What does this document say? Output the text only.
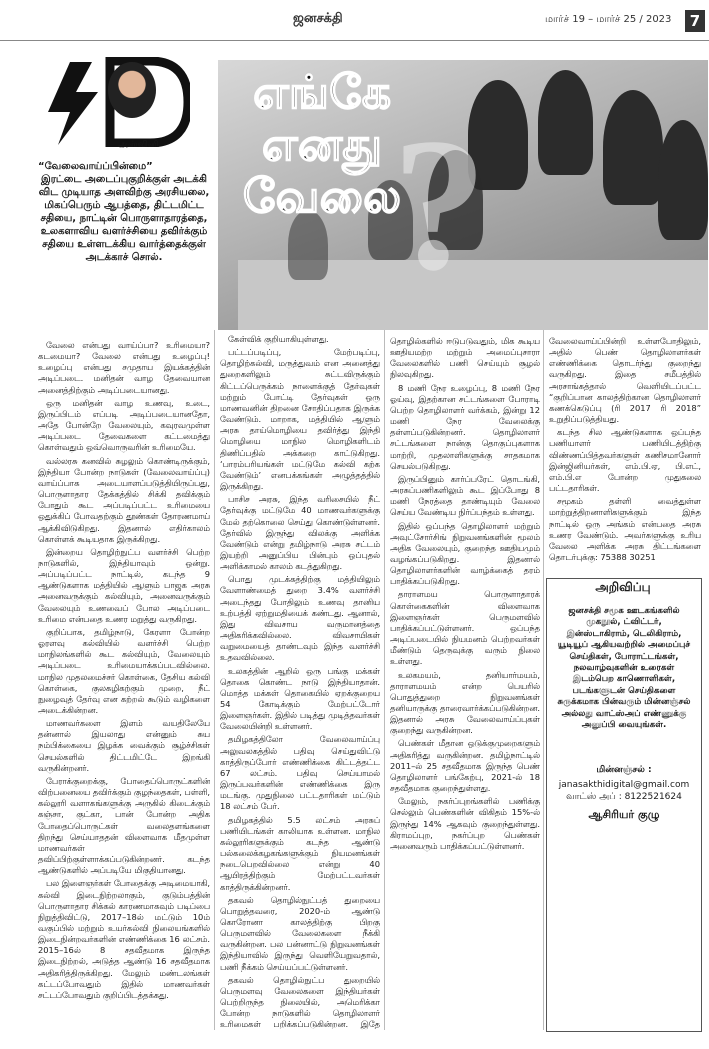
ஜனசக்தி	மார்ச் 19 – மார்ச் 25 / 2023	7
அஸ்வினி

“வேலைவாய்ப்பின்மை”

இரட்டை அடைப்புகுறிக்குள் அடக்கி விட முடியாத அளவிற்கு அரசியலை, மிகப்பெரும் ஆபத்தை, திட்டமிட்ட சதியை, நாட்டின் பொருளாதாரத்தை, உலகளாவிய வளர்ச்சியை தவிர்க்கும் சதியை உள்ளடக்கிய வார்த்தைக்குள் அடக்காச் சொல். ?
எங்கே
எனது
வேலை

வேலை என்பது வாய்ப்பா? உரிமையா? கடமையா? வேலை என்பது உழைப்பு! உழைப்பு என்பது சமுதாய இயக்கத்தின் அடிப்படை. மனிதன் வாழ தேவையான அனைத்திற்கும் அடிப்படையானது.

ஒரு மனிதன் வாழ உணவு, உடை, இருப்பிடம் எப்படி அடிப்படையானதோ, அதே போன்றே வேலையும், கவுரவமுள்ள அடிப்படை தேவைகளை கட்டமைத்து கொள்வதும் ஒவ்வொருவரின் உரிமையே.

வல்லரசு கனவில் சுழலும் கொண்டிருக்கும், இந்தியா போன்ற நாடுகள் (வேலைவாய்ப்பு) வாய்ப்பாக அடையாளப்படுத்தியிருப்பது, பொருளாதார தேக்கத்தில் சிக்கி தவிக்கும் போதும் கூட அப்படிப்பட்ட உரிமையை ஒதுக்கிப் போவதற்கும் தூண்கள் தோரணமாய் ஆக்கிவிடுகிறது. இதனால் எதிர்காலம் கொள்ளக் கூடியதாக இருக்கிறது.

இன்றைய தொழிற்நுட்ப வளர்ச்சி பெற்ற நாடுகளில், இந்தியாவும் ஒன்று. அப்படிப்பட்ட நாட்டில், கடந்த 9 ஆண்டுகளாக மத்தியில் ஆளும் பாஜக அரசு அனைவருக்கும் கல்வியும், அனைவருக்கும் வேலையும் உணவைப் போல அடிப்படை உரிமை என்பதை உணர மறுத்து வருகிறது.

குறிப்பாக, தமிழ்நாடு, கேரளா போன்ற ஓரளவு கல்வியில் வளர்ச்சி பெற்ற மாநிலங்களில் கூட கல்வியும், வேலையும் அடிப்படை உரிமையாக்கப்படவில்லை. மாநில முதலமைச்சர் கொள்கை, தேசிய கல்வி கொள்கை, குலகழிகற்கும் முறை, நீட் நுழைவுத் தேர்வு என கற்றல் கூடும் வழிகளை அடைக்கின்றன.

மாணவர்களை இளம் வயதிலேயே தன்னால் இயலாது என்னும் சுய நம்பிக்கையை இழக்க வைக்கும் சூழ்ச்சிகள் செயல்களில் திட்டமிட்டே இறங்கி வருகின்றனர்.

பேராக்குறைக்கு, போதைப்பொருட்களின் விற்பனையை தவிர்க்கும் குழந்தைகள், பள்ளி, கல்லூரி வளாகங்களுக்கு அருகில் கிடைக்கும் கஞ்சா, குட்கா, பான் போன்ற அதிக போதைப்பொருட்கள் வலைதளங்களை திறந்து செய்யாததன் விளைவாக மீதமுள்ள மாணவர்கள் தவிப்பிற்குள்ளாக்கப்படுகின்றனர். கடந்த ஆண்டுகளில் அப்படியே மிகுதியானது.

பல இளைஞர்கள் போதைக்கு அடிமையாகி, கல்வி இடைநிற்றலாகும், குடும்பத்தின் பொருளாதார சிக்கல் காரணமாகவும் படிப்பை நிறுத்திவிட்டு, 2017–18ல் மட்டும் 10ம் வகுப்பில் மற்றும் உயர்கல்வி நிலையங்களில் இடைநின்றவர்களின் எண்ணிக்கை 16 லட்சம். 2015–16ல் 8 சதவீதமாக இருந்த இடைநிற்றல், அடுத்த ஆண்டு 16 சதவீதமாக அதிகரித்திருக்கிறது. மேலும் மண்டலங்கள் கட்டப்போவதும் இதில் மாணவர்கள் சட்டப்போவதும் குறிப்பிடத்தக்கது.

கேள்விக் குறியாகியுள்ளது.

பட்டப்படிப்பு, மேற்படிப்பு, தொழிற்கல்வி, மருத்துவம் என அனைத்து துறைகளிலும் சுட்டவிருக்கும் கிட்டப்பெருக்கம் நாளைக்குத் தேர்வுகள் மற்றும் போட்டி தேர்வுகள் ஒரு மாணவனின் திறனை சோதிப்பதாக இருக்க வேண்டும். மாறாக, மத்தியில் ஆளும் அரசு தாய்மொழியை தவிர்த்து இந்தி மொழியை மாநில மொழிகளிடம் திணிப்பதில் அக்கறை காட்டுகிறது. ‘பாரம்பரியங்கள் மட்டுமே கல்வி கற்க வேண்டும்’ எனபக்கங்கள் அழுத்தத்தில் இருக்கிறது.

பாசிச அரசு, இந்த வரிசையில் நீட் தேர்வுக்கு மட்டுமே 40 மாணவர்களுக்கு மேல் தற்கொலை செய்து கொண்டுள்ளனர். தேர்வில் இருந்து விலக்கு அளிக்க வேண்டும் என்று தமிழ்நாடு அரசு சட்டம் இயற்றி அனுப்பிய பின்பும் ஒப்புதல் அளிக்காமல் காலம் கடத்துகிறது.

பொது முடக்கத்திற்கு மத்தியிலும் வேளாண்மைத் துறை 3.4% வளர்ச்சி அடைந்தது போதிலும் உணவு தானிய உற்பத்தி ஏற்றுமதியைக் கண்டது. ஆனால், இது விவசாய வருமானத்தை அதிகரிக்கவில்லை. விவசாயிகள் வறுமையைத் தாண்டவும் இந்த வளர்ச்சி உதவவில்லை.

உலகத்தின் ஆறில் ஒரு பங்கு மக்கள் தொகை கொண்ட நாடு இந்தியாதான். மொத்த மக்கள் தொகையில் ஏறக்குறைய 54 கோடிக்கும் மேற்பட்டோர் இளைஞர்கள். இதில் படித்து முடித்தவர்கள் வேலையின்றி உள்ளனர்.

தமிழகத்திலோ வேலைவாய்ப்பு அலுவலகத்தில் பதிவு செய்துவிட்டு காத்திருப்போர் எண்ணிக்கை கிட்டத்தட்ட 67 லட்சம். பதிவு செய்யாமல் இருப்பவர்களின் எண்ணிக்கை இரு மடங்கு. முதுநிலை பட்டதாரிகள் மட்டும் 18 லட்சம் பேர்.

தமிழகத்தில் 5.5 லட்சம் அரசுப் பணியிடங்கள் காலியாக உள்ளன. மாநில கல்லூரிகளுக்கும் கடந்த ஆண்டு பல்கலைக்கழகங்களுக்கும் நியமனங்கள் நடைபெறவில்லை என்று 40 ஆயிரத்திற்கும் மேற்பட்டவர்கள் காத்திருக்கின்றனர்.

தகவல் தொழில்நுட்பத் துறையை பொறுத்தவரை, 2020-ம் ஆண்டு கொரோனா காலத்திற்கு பிறகு பெருமளவில் வேலைகளை நீக்கி வருகின்றன. பல பன்னாட்டு நிறுவனங்கள் இந்தியாவில் இருந்து வெளியேறுவதால், பணி நீக்கம் செய்யப்பட்டுள்ளனர்.

தகவல் தொழில்நுட்ப துறையில் பெருமளவு வேலைகளை இந்தியர்கள் பெற்றிருந்த நிலையில், அமெரிக்கா போன்ற நாடுகளில் தொழிலாளர் உரிமைகள் பறிக்கப்படுகின்றன. இதே

தொழில்களில் ஈடுபடுவதும், மிக கூடிய ஊதியமற்ற மற்றும் அமைப்புசாரா வேலைகளில் பணி செய்யும் சூழல் நிலவுகிறது.

8 மணி நேர உழைப்பு, 8 மணி நேர ஓய்வு, இதற்கான சட்டங்களை போராடி பெற்ற தொழிலாளர் வர்க்கம், இன்று 12 மணி நேர வேலைக்கு தள்ளப்படுகின்றனர். தொழிலாளர் சட்டங்களை நான்கு தொகுப்புகளாக மாற்றி, முதலாளிகளுக்கு சாதகமாக செயல்படுகிறது.

இருப்பினும் கார்ப்பரேட் தொடங்கி, அரசுப்பணிகளிலும் கூட இப்போது 8 மணி நேரத்தை தாண்டியும் வேலை செய்ய வேண்டிய நிர்ப்பந்தம் உள்ளது.

இதில் ஒப்பந்த தொழிலாளர் மற்றும் அவுட்சோர்சிங் நிறுவனங்களின் மூலம் அதிக வேலையும், குறைந்த ஊதியமும் வழங்கப்படுகிறது. இதனால் தொழிலாளர்களின் வாழ்க்கைத் தரம் பாதிக்கப்படுகிறது.

தாராளமய பொருளாதாரக் கொள்கைகளின் விளைவாக இளைஞர்கள் பெருமளவில் பாதிக்கப்பட்டுள்ளனர். ஒப்பந்த அடிப்படையில் நியமனம் பெற்றவர்கள் மீண்டும் தெருவுக்கு வரும் நிலை உள்ளது.

உலகமயம், தனியார்மயம், தாராளமயம் என்ற பெயரில் பொதுத்துறை நிறுவனங்கள் தனியாருக்கு தாரைவார்க்கப்படுகின்றன. இதனால் அரசு வேலைவாய்ப்புகள் குறைந்து வருகின்றன.

பெண்கள் மீதான ஒடுக்குமுறைகளும் அதிகரித்து வருகின்றன. தமிழ்நாட்டில் 2011–ல் 25 சதவீதமாக இருந்த பெண் தொழிலாளர் பங்கேற்பு, 2021-ல் 18 சதவீதமாக குறைந்துள்ளது.

மேலும், நகர்ப்புறங்களில் பணிக்கு செல்லும் பெண்களின் விகிதம் 15%-ல் இருந்து 14% ஆகவும் குறைந்துள்ளது. கிராமப்புற, நகர்ப்புற பெண்கள் அனைவரும் பாதிக்கப்பட்டுள்ளனர்.

வேலைவாய்ப்பின்றி உள்ளபோதிலும், அதில் பெண் தொழிலாளர்கள் எண்ணிக்கை தொடர்ந்து குறைந்து வருகிறது. இதை சமீபத்தில் அரசாங்கத்தால் வெளியிடப்பட்ட “குறிப்பான காலத்திற்கான தொழிலாளர் கணக்கெடுப்பு (ரி 2017 ரி 2018” உறுதிப்படுத்தியது.

கடந்த சில ஆண்டுகளாக ஒப்பந்த பணியாளர் பணியிடத்திற்கு விண்ணப்பித்தவர்களுள் கணிசமானோர் இன்ஜினியர்கள், எம்.பி.ஏ, பி.எட், எம்.பி.எ போன்ற முதுகலை பட்டதாரிகள்.

சமூகம் தள்ளி வைத்துள்ள மாற்றுத்திறனாளிகளுக்கும் இந்த நாட்டில் ஒரு அங்கம் என்பதை அரசு உணர வேண்டும். அவர்களுக்கு உரிய வேலை அளிக்க அரசு திட்டங்களை

தொடர்புக்கு: 75388 30251
அறிவிப்பு
ஜனசக்தி சமூக ஊடகங்களில் முகநூல், ட்விட்டர், இன்ஸ்டாகிராம், டெலிகிராம், யூடியூப் ஆகியவற்றில் அமைப்புச் செய்திகள், போராட்டங்கள், நலவாழ்வுகளின் உரைகள் இடம்பெற காணொளிகள், படங்களுடன் செய்திகளை சுருக்கமாக பின்வரும் மின்னஞ்சல் அல்லது வாட்ஸ்அப் எண்ணுக்கு அனுப்பி வையுங்கள்.
மின்னஞ்சல் :
janasakthidigital@gmail.com
வாட்ஸ் அப் : 8122521624
ஆசிரியர் குழு
